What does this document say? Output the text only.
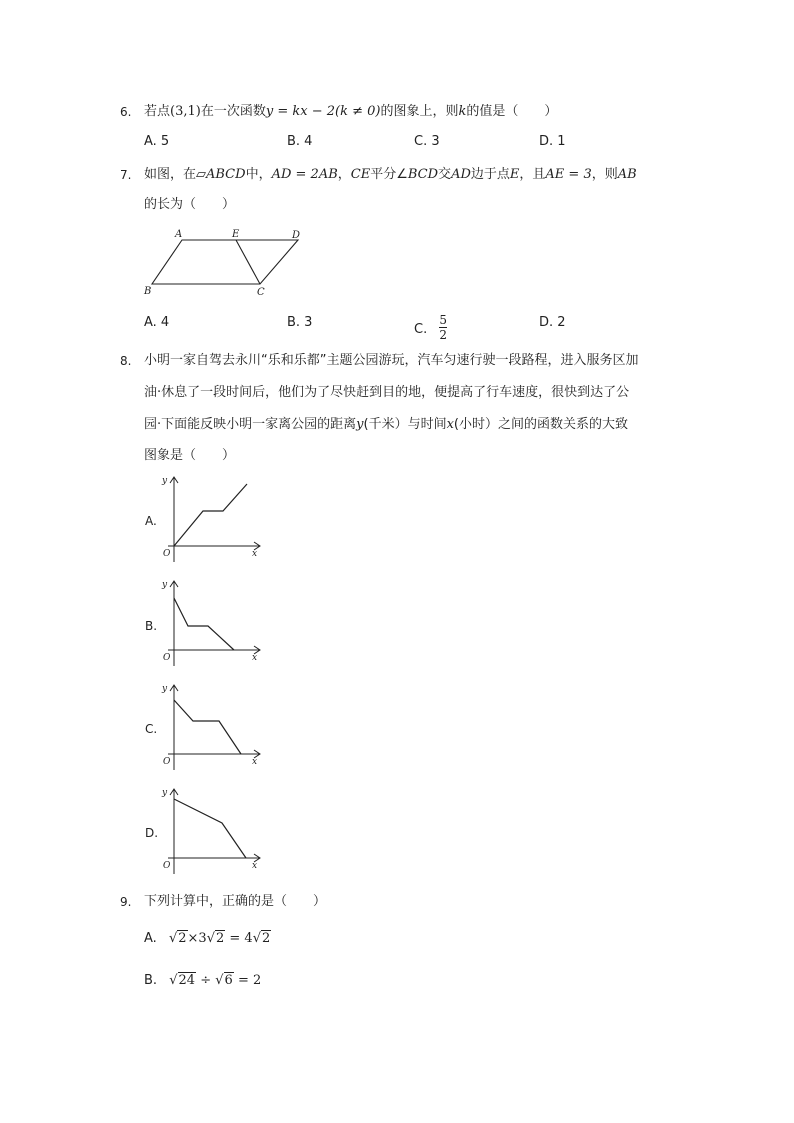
6. 若点(3,1)在一次函数y = kx − 2(k ≠ 0)的图象上，则k的值是（　　）
A. 5	B. 4	C. 3	D. 1
7. 如图，在▱ABCD中，AD = 2AB，CE平分∠BCD交AD边于点E，且AE = 3，则AB
的长为（　　）
A	E	D
B	C
A. 4	B. 3	C. $\frac{5}{2}$	D. 2
8. 小明一家自驾去永川“乐和乐都”主题公园游玩，汽车匀速行驶一段路程，进入服务区加
油·休息了一段时间后，他们为了尽快赶到目的地，便提高了行车速度，很快到达了公
园·下面能反映小明一家离公园的距离y(千米）与时间x(小时）之间的函数关系的大致
图象是（　　）
A.
B.
C.
D.
y
x
O
y
x
O
y
x
O
y
x
O
9. 下列计算中，正确的是（　　）
A. √2×3√2 = 4√2
B. √24 ÷ √6 = 2
